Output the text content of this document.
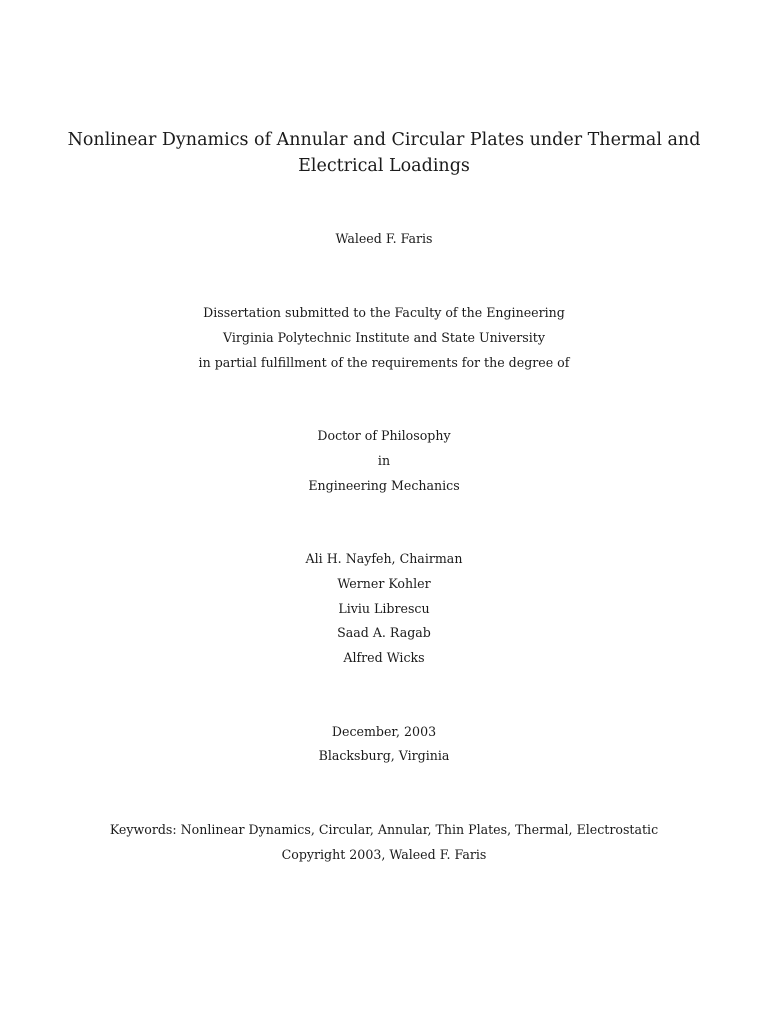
Nonlinear Dynamics of Annular and Circular Plates under Thermal and
Electrical Loadings
Waleed F. Faris
Dissertation submitted to the Faculty of the Engineering
Virginia Polytechnic Institute and State University
in partial fulfillment of the requirements for the degree of
Doctor of Philosophy
in
Engineering Mechanics
Ali H. Nayfeh, Chairman
Werner Kohler
Liviu Librescu
Saad A. Ragab
Alfred Wicks
December, 2003
Blacksburg, Virginia
Keywords: Nonlinear Dynamics, Circular, Annular, Thin Plates, Thermal, Electrostatic
Copyright 2003, Waleed F. Faris
